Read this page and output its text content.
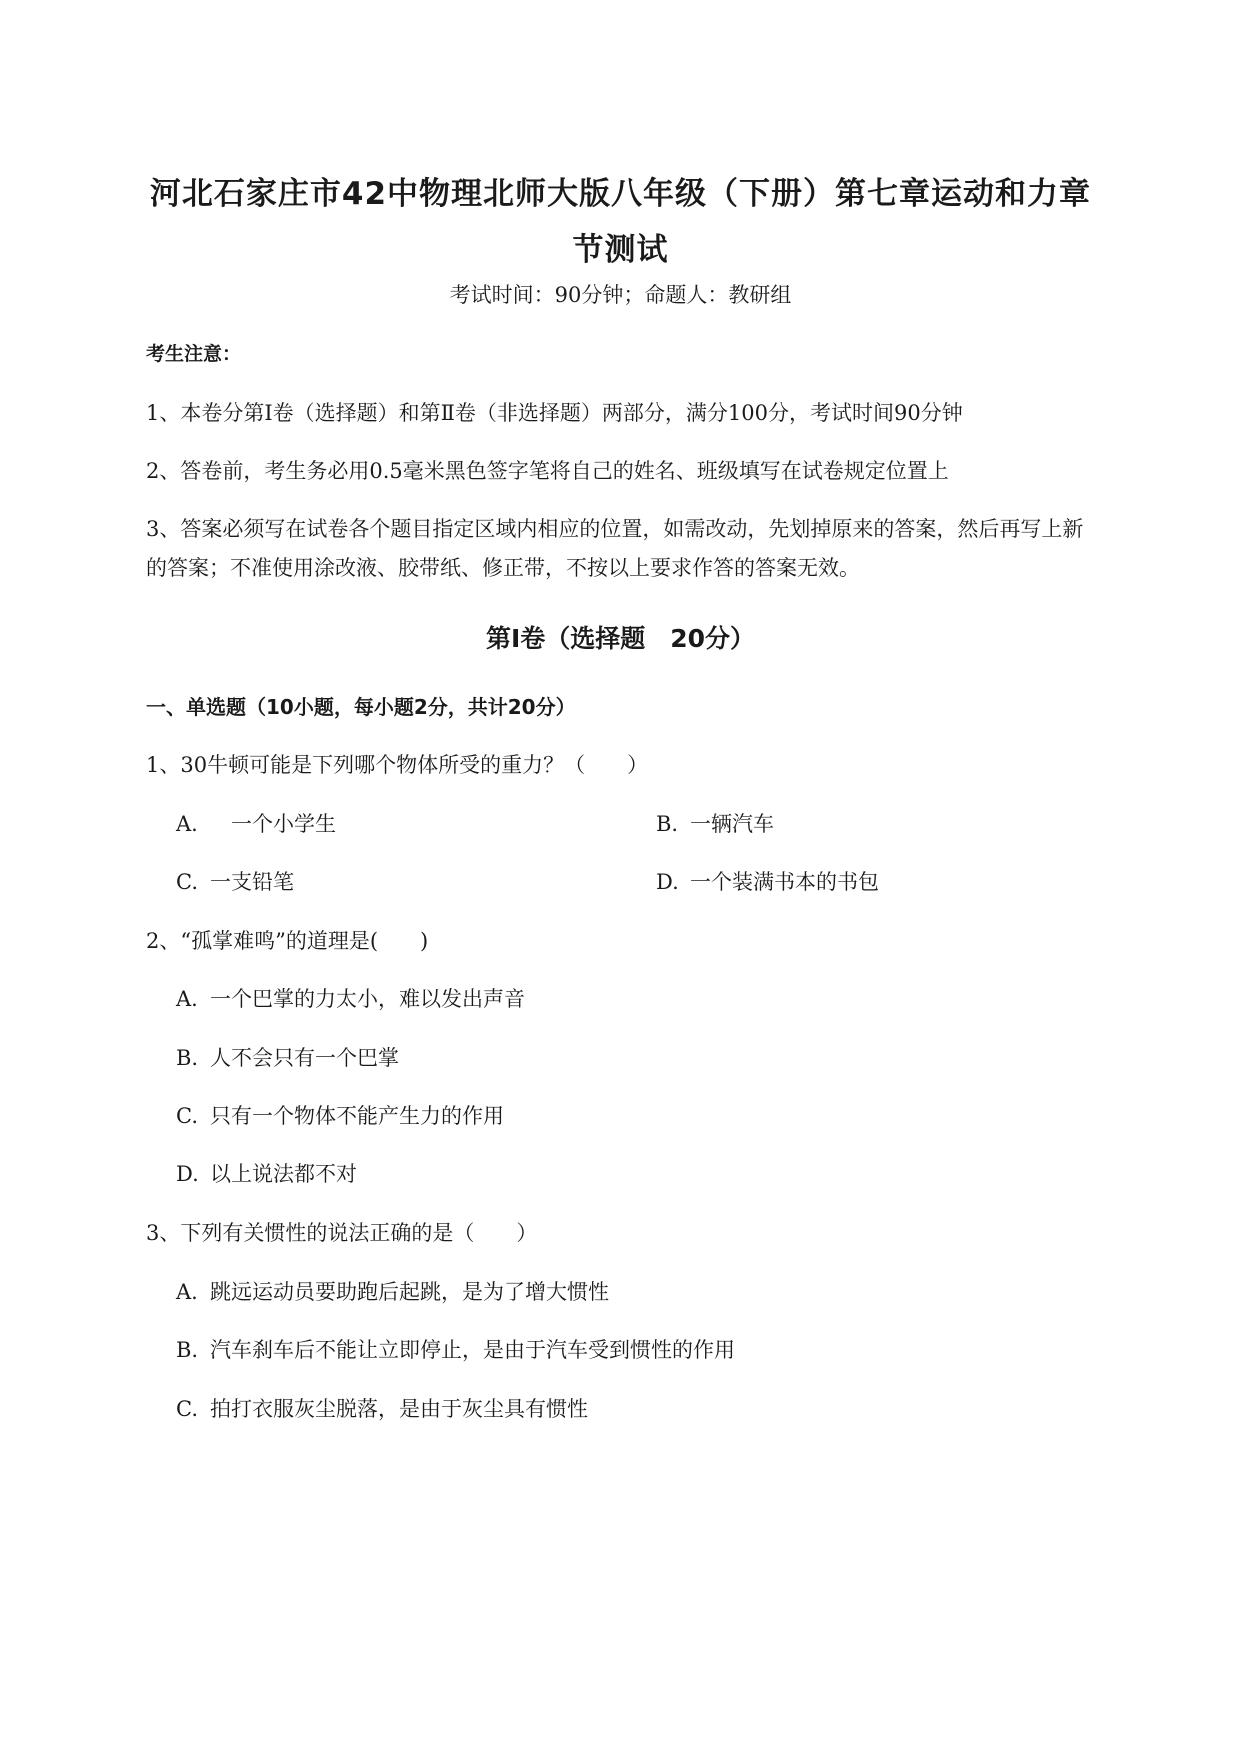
河北石家庄市42中物理北师大版八年级（下册）第七章运动和力章
节测试
考试时间：90分钟；命题人：教研组
考生注意：
1、本卷分第I卷（选择题）和第Ⅱ卷（非选择题）两部分，满分100分，考试时间90分钟
2、答卷前，考生务必用0.5毫米黑色签字笔将自己的姓名、班级填写在试卷规定位置上
3、答案必须写在试卷各个题目指定区域内相应的位置，如需改动，先划掉原来的答案，然后再写上新
的答案；不准使用涂改液、胶带纸、修正带，不按以上要求作答的答案无效。
第I卷（选择题　20分）
一、单选题（10小题，每小题2分，共计20分）
1、30牛顿可能是下列哪个物体所受的重力？（　　）
A.　一个小学生	B. 一辆汽车
C. 一支铅笔	D. 一个装满书本的书包
2、“孤掌难鸣”的道理是(　　)
A. 一个巴掌的力太小，难以发出声音
B. 人不会只有一个巴掌
C. 只有一个物体不能产生力的作用
D. 以上说法都不对
3、下列有关惯性的说法正确的是（　　）
A. 跳远运动员要助跑后起跳，是为了增大惯性
B. 汽车刹车后不能让立即停止，是由于汽车受到惯性的作用
C. 拍打衣服灰尘脱落，是由于灰尘具有惯性
